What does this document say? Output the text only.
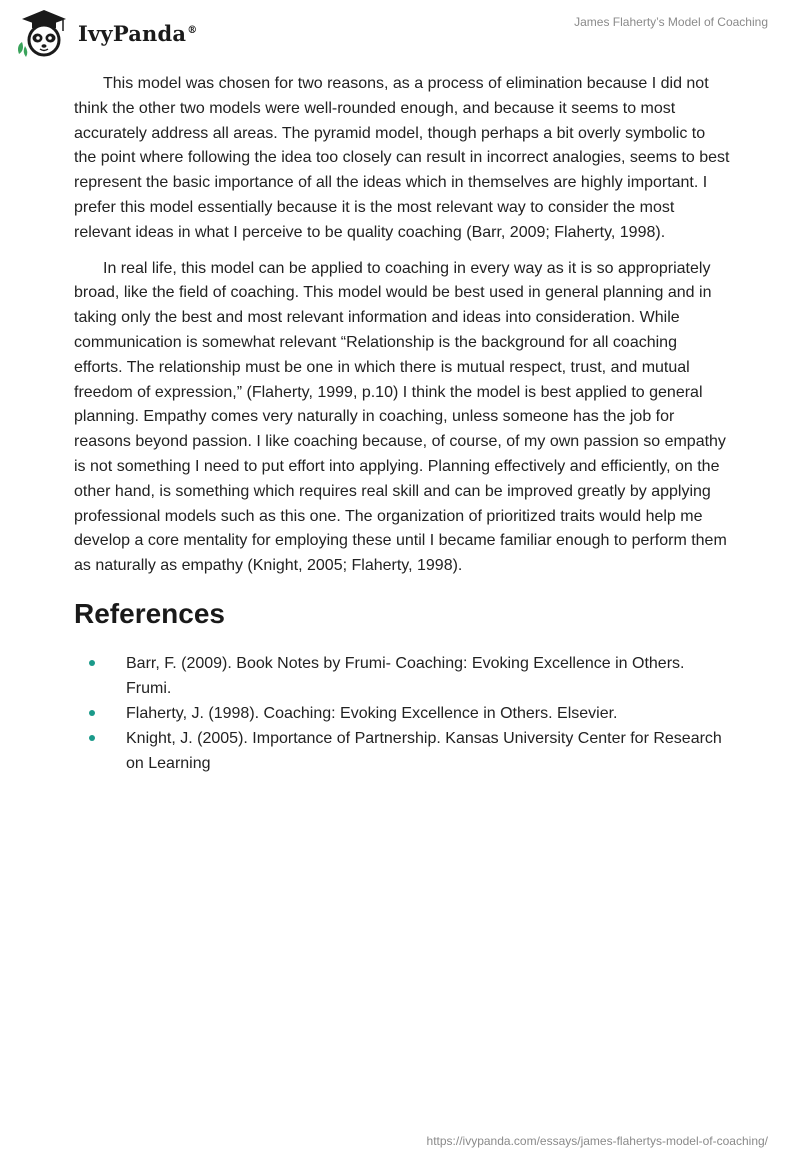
IvyPanda®
James Flaherty’s Model of Coaching

This model was chosen for two reasons, as a process of elimination because I did not think the other two models were well-rounded enough, and because it seems to most accurately address all areas. The pyramid model, though perhaps a bit overly symbolic to the point where following the idea too closely can result in incorrect analogies, seems to best represent the basic importance of all the ideas which in themselves are highly important. I prefer this model essentially because it is the most relevant way to consider the most relevant ideas in what I perceive to be quality coaching (Barr, 2009; Flaherty, 1998).

In real life, this model can be applied to coaching in every way as it is so appropriately broad, like the field of coaching. This model would be best used in general planning and in taking only the best and most relevant information and ideas into consideration. While communication is somewhat relevant “Relationship is the background for all coaching efforts. The relationship must be one in which there is mutual respect, trust, and mutual freedom of expression,” (Flaherty, 1999, p.10) I think the model is best applied to general planning. Empathy comes very naturally in coaching, unless someone has the job for reasons beyond passion. I like coaching because, of course, of my own passion so empathy is not something I need to put effort into applying. Planning effectively and efficiently, on the other hand, is something which requires real skill and can be improved greatly by applying professional models such as this one. The organization of prioritized traits would help me develop a core mentality for employing these until I became familiar enough to perform them as naturally as empathy (Knight, 2005; Flaherty, 1998).

References
Barr, F. (2009). Book Notes by Frumi- Coaching: Evoking Excellence in Others. Frumi.
Flaherty, J. (1998). Coaching: Evoking Excellence in Others. Elsevier.
Knight, J. (2005). Importance of Partnership. Kansas University Center for Research on Learning
https://ivypanda.com/essays/james-flahertys-model-of-coaching/
